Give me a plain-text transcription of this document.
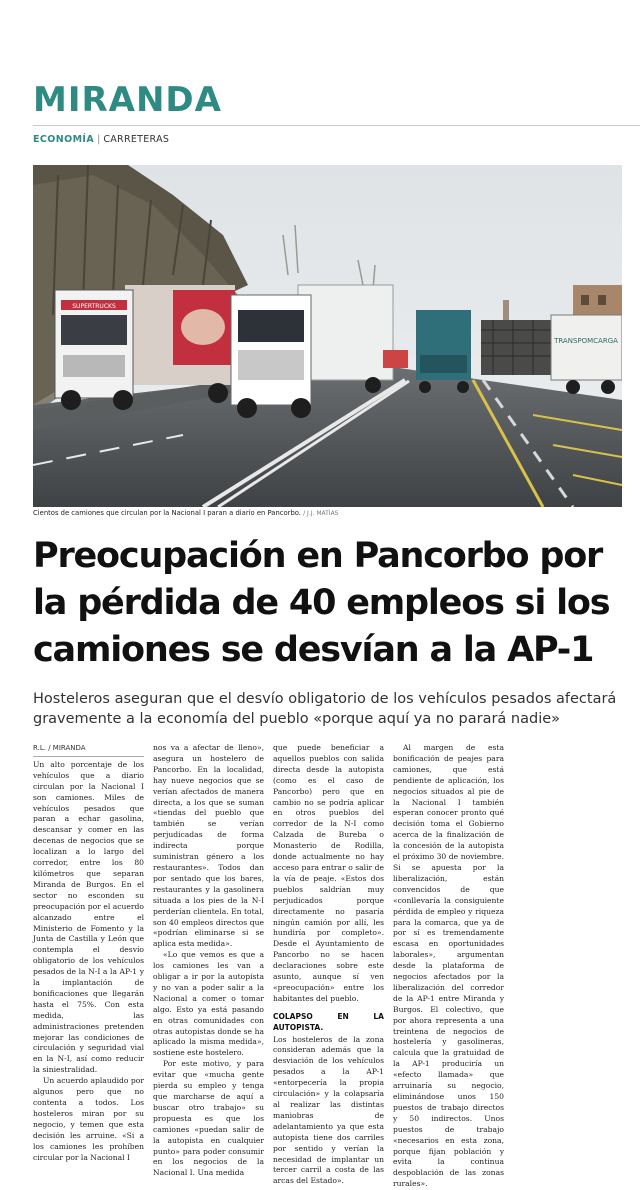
MIRANDA
ECONOMÍA | CARRETERAS
SUPERTRUCKS
TRANSPOMCARGA
Cientos de camiones que circulan por la Nacional I paran a diario en Pancorbo. / J.J. MATÍAS
Preocupación en Pancorbo por la pérdida de 40 empleos si los camiones se desvían a la AP-1

Hosteleros aseguran que el desvío obligatorio de los vehículos pesados afectará gravemente a la economía del pueblo «porque aquí ya no parará nadie»

R.L. / MIRANDA

Un alto porcentaje de los vehículos que a diario circulan por la Nacional I son camiones. Miles de vehículos pesados que paran a echar gasolina, descansar y comer en las decenas de negocios que se localizan a lo largo del corredor, entre los 80 kilómetros que separan Miranda de Burgos. En el sector no esconden su preocupación por el acuerdo alcanzado entre el Ministerio de Fomento y la Junta de Castilla y León que contempla el desvío obligatorio de los vehículos pesados de la N-I a la AP-1 y la implantación de bonificaciones que llegarán hasta el 75%. Con esta medida, las administraciones pretenden mejorar las condiciones de circulación y seguridad vial en la N-I, así como reducir la siniestralidad.

Un acuerdo aplaudido por algunos pero que no contenta a todos. Los hosteleros miran por su negocio, y temen que esta decisión les arruine. «Si a los camiones les prohíben circular por la Nacional I

nos va a afectar de lleno», asegura un hostelero de Pancorbo. En la localidad, hay nueve negocios que se verían afectados de manera directa, a los que se suman «tiendas del pueblo que también se verían perjudicadas de forma indirecta porque suministran género a los restaurantes». Todos dan por sentado que los bares, restaurantes y la gasolinera situada a los pies de la N-I perderían clientela. En total, son 40 empleos directos que «podrían eliminarse si se aplica esta medida».

«Lo que vemos es que a los camiones les van a obligar a ir por la autopista y no van a poder salir a la Nacional a comer o tomar algo. Esto ya está pasando en otras comunidades con otras autopistas donde se ha aplicado la misma medida», sostiene este hostelero.

Por este motivo, y para evitar que «mucha gente pierda su empleo y tenga que marcharse de aquí a buscar otro trabajo» su propuesta es que los camiones «puedan salir de la autopista en cualquier punto» para poder consumir en los negocios de la Nacional I. Una medida

que puede beneficiar a aquellos pueblos con salida directa desde la autopista (como es el caso de Pancorbo) pero que en cambio no se podría aplicar en otros pueblos del corredor de la N-I como Calzada de Bureba o Monasterio de Rodilla, donde actualmente no hay acceso para entrar o salir de la vía de peaje. «Estos dos pueblos saldrían muy perjudicados porque directamente no pasaría ningún camión por allí, les hundiría por completo». Desde el Ayuntamiento de Pancorbo no se hacen declaraciones sobre este asunto, aunque sí ven «preocupación» entre los habitantes del pueblo.

COLAPSO EN LA AUTOPISTA.

Los hosteleros de la zona consideran además que la desviación de los vehículos pesados a la AP-1 «entorpecería la propia circulación» y la colapsaría al realizar las distintas maniobras de adelantamiento ya que esta autopista tiene dos carriles por sentido y verían la necesidad de implantar un tercer carril a costa de las arcas del Estado».

Al margen de esta bonificación de peajes para camiones, que está pendiente de aplicación, los negocios situados al pie de la Nacional I también esperan conocer pronto qué decisión toma el Gobierno acerca de la finalización de la concesión de la autopista el próximo 30 de noviembre. Si se apuesta por la liberalización, están convencidos de que «conllevaría la consiguiente pérdida de empleo y riqueza para la comarca, que ya de por sí es tremendamente escasa en oportunidades laborales», argumentan desde la plataforma de negocios afectados por la liberalización del corredor de la AP-1 entre Miranda y Burgos. El colectivo, que por ahora representa a una treintena de negocios de hostelería y gasolineras, calcula que la gratuidad de la AP-1 produciría un «efecto llamada» que arruinaría su negocio, eliminándose unos 150 puestos de trabajo directos y 50 indirectos. Unos puestos de trabajo «necesarios en esta zona, porque fijan población y evita la continua despoblación de las zonas rurales».
